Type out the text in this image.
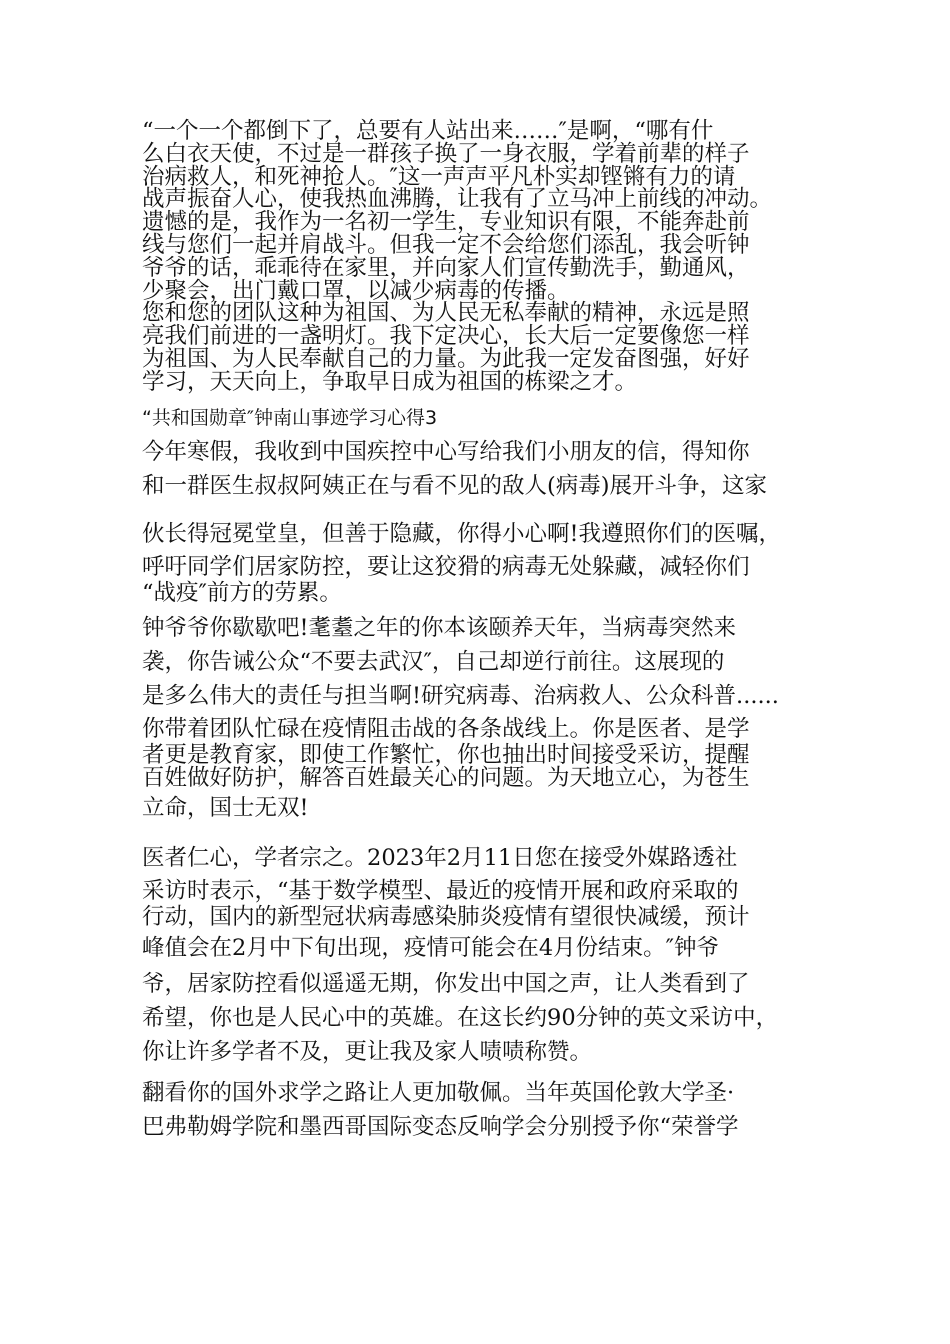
“一个一个都倒下了，总要有人站出来……″是啊，“哪有什
么白衣天使，不过是一群孩子换了一身衣服，学着前辈的样子
治病救人，和死神抢人。″这一声声平凡朴实却铿锵有力的请
战声振奋人心，使我热血沸腾，让我有了立马冲上前线的冲动。
遗憾的是，我作为一名初一学生，专业知识有限，不能奔赴前
线与您们一起并肩战斗。但我一定不会给您们添乱，我会听钟
爷爷的话，乖乖待在家里，并向家人们宣传勤洗手，勤通风，
少聚会，出门戴口罩，以减少病毒的传播。
您和您的团队这种为祖国、为人民无私奉献的精神，永远是照
亮我们前进的一盏明灯。我下定决心，长大后一定要像您一样
为祖国、为人民奉献自己的力量。为此我一定发奋图强，好好
学习，天天向上，争取早日成为祖国的栋梁之才。
“共和国勋章″钟南山事迹学习心得3
今年寒假，我收到中国疾控中心写给我们小朋友的信，得知你
和一群医生叔叔阿姨正在与看不见的敌人(病毒)展开斗争，这家
伙长得冠冕堂皇，但善于隐藏，你得小心啊!我遵照你们的医嘱，
呼吁同学们居家防控，要让这狡猾的病毒无处躲藏，减轻你们
“战疫″前方的劳累。
钟爷爷你歇歇吧!耄耋之年的你本该颐养天年，当病毒突然来
袭，你告诫公众“不要去武汉″，自己却逆行前往。这展现的
是多么伟大的责任与担当啊!研究病毒、治病救人、公众科普......
你带着团队忙碌在疫情阻击战的各条战线上。你是医者、是学
者更是教育家，即使工作繁忙，你也抽出时间接受采访，提醒
百姓做好防护，解答百姓最关心的问题。为天地立心，为苍生
立命，国士无双!
医者仁心，学者宗之。2023年2月11日您在接受外媒路透社
采访时表示，“基于数学模型、最近的疫情开展和政府采取的
行动，国内的新型冠状病毒感染肺炎疫情有望很快减缓，预计
峰值会在2月中下旬出现，疫情可能会在4月份结束。″钟爷
爷，居家防控看似遥遥无期，你发出中国之声，让人类看到了
希望，你也是人民心中的英雄。在这长约90分钟的英文采访中，
你让许多学者不及，更让我及家人啧啧称赞。
翻看你的国外求学之路让人更加敬佩。当年英国伦敦大学圣·
巴弗勒姆学院和墨西哥国际变态反响学会分别授予你“荣誉学
